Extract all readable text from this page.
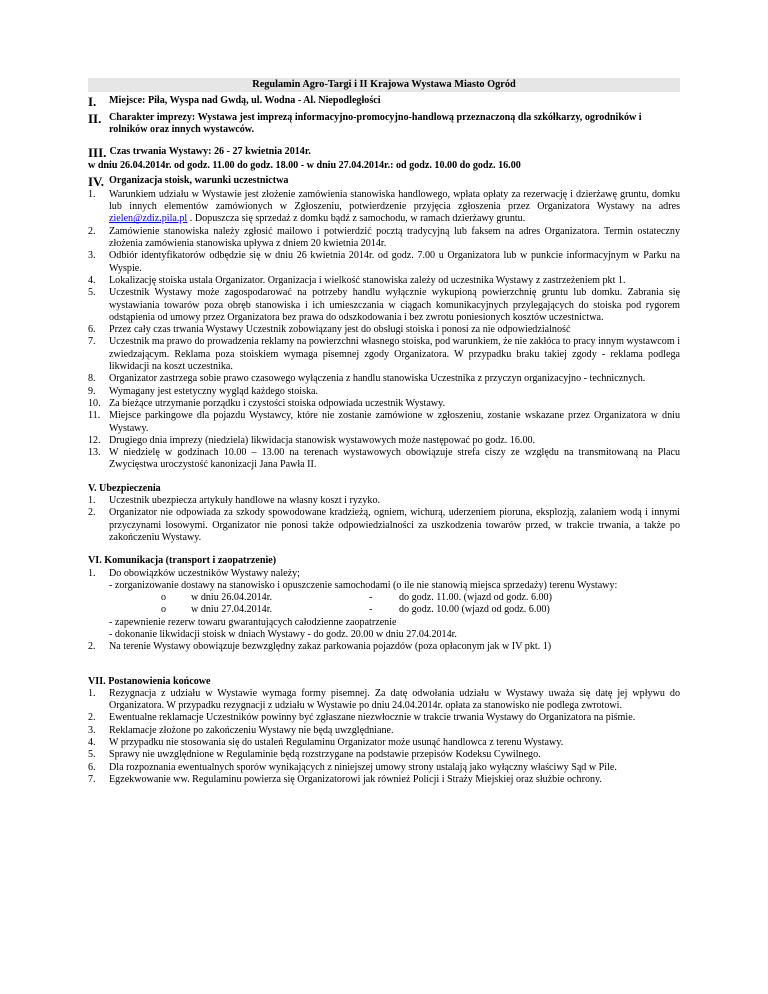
Regulamin Agro-Targi i II Krajowa Wystawa Miasto Ogród
I.	Miejsce: Piła, Wyspa nad Gwdą, ul. Wodna - Al. Niepodległości
II. Charakter imprezy: Wystawa jest imprezą informacyjno-promocyjno-handlową przeznaczoną dla szkółkarzy, ogrodników i rolników oraz innych wystawców.
III. Czas trwania Wystawy: 26 - 27 kwietnia 2014r.
w dniu 26.04.2014r. od godz. 11.00 do godz. 18.00 - w dniu 27.04.2014r.: od godz. 10.00 do godz. 16.00
IV. Organizacja stoisk, warunki uczestnictwa
1.	Warunkiem udziału w Wystawie jest złożenie zamówienia stanowiska handlowego, wpłata opłaty za rezerwację i dzierżawę gruntu, domku lub innych elementów zamówionych w Zgłoszeniu, potwierdzenie przyjęcia zgłoszenia przez Organizatora Wystawy na adres zielen@zdiz.pila.pl . Dopuszcza się sprzedaż z domku bądź z samochodu, w ramach dzierżawy gruntu.
2.	Zamówienie stanowiska należy zgłosić mailowo i potwierdzić pocztą tradycyjną lub faksem na adres Organizatora. Termin ostateczny złożenia zamówienia stanowiska upływa z dniem 20 kwietnia 2014r.
3.	Odbiór identyfikatorów odbędzie się w dniu 26 kwietnia 2014r. od godz. 7.00 u Organizatora lub w punkcie informacyjnym w Parku na Wyspie.
4.	Lokalizację stoiska ustala Organizator. Organizacja i wielkość stanowiska zależy od uczestnika Wystawy z zastrzeżeniem pkt 1.
5.	Uczestnik Wystawy może zagospodarować na potrzeby handlu wyłącznie wykupioną powierzchnię gruntu lub domku. Zabrania się wystawiania towarów poza obręb stanowiska i ich umieszczania w ciągach komunikacyjnych przylegających do stoiska pod rygorem odstąpienia od umowy przez Organizatora bez prawa do odszkodowania i bez zwrotu poniesionych kosztów uczestnictwa.
6.	Przez cały czas trwania Wystawy Uczestnik zobowiązany jest do obsługi stoiska i ponosi za nie odpowiedzialność
7.	Uczestnik ma prawo do prowadzenia reklamy na powierzchni własnego stoiska, pod warunkiem, że nie zakłóca to pracy innym wystawcom i zwiedzającym. Reklama poza stoiskiem wymaga pisemnej zgody Organizatora. W przypadku braku takiej zgody - reklama podlega likwidacji na koszt uczestnika.
8.	Organizator zastrzega sobie prawo czasowego wyłączenia z handlu stanowiska Uczestnika z przyczyn organizacyjno - technicznych.
9.	Wymagany jest estetyczny wygląd każdego stoiska.
10. Za bieżące utrzymanie porządku i czystości stoiska odpowiada uczestnik Wystawy.
11. Miejsce parkingowe dla pojazdu Wystawcy, które nie zostanie zamówione w zgłoszeniu, zostanie wskazane przez Organizatora w dniu Wystawy.
12. Drugiego dnia imprezy (niedziela) likwidacja stanowisk wystawowych może następować po godz. 16.00.
13. W niedzielę w godzinach 10.00 – 13.00 na terenach wystawowych obowiązuje strefa ciszy ze względu na transmitowaną na Placu Zwycięstwa uroczystość kanonizacji Jana Pawła II.
V. Ubezpieczenia
1.	Uczestnik ubezpiecza artykuły handlowe na własny koszt i ryzyko.
2.	Organizator nie odpowiada za szkody spowodowane kradzieżą, ogniem, wichurą, uderzeniem pioruna, eksplozją, zalaniem wodą i innymi przyczynami losowymi. Organizator nie ponosi także odpowiedzialności za uszkodzenia towarów przed, w trakcie trwania, a także po zakończeniu Wystawy.
VI. Komunikacja (transport i zaopatrzenie)
1.	Do obowiązków uczestników Wystawy należy;
- zorganizowanie dostawy na stanowisko i opuszczenie samochodami (o ile nie stanowią miejsca sprzedaży) terenu Wystawy:
o	w dniu 26.04.2014r.	-	do godz. 11.00. (wjazd od godz. 6.00)
o	w dniu 27.04.2014r.	-	do godz. 10.00 (wjazd od godz. 6.00)
- zapewnienie rezerw towaru gwarantujących całodzienne zaopatrzenie
- dokonanie likwidacji stoisk w dniach Wystawy - do godz. 20.00 w dniu 27.04.2014r.
2.	Na terenie Wystawy obowiązuje bezwzględny zakaz parkowania pojazdów (poza opłaconym jak w IV pkt. 1)
VII. Postanowienia końcowe
1.	Rezygnacja z udziału w Wystawie wymaga formy pisemnej. Za datę odwołania udziału w Wystawy uważa się datę jej wpływu do Organizatora. W przypadku rezygnacji z udziału w Wystawie po dniu 24.04.2014r. opłata za stanowisko nie podlega zwrotowi.
2.	Ewentualne reklamacje Uczestników powinny być zgłaszane niezwłocznie w trakcie trwania Wystawy do Organizatora na piśmie.
3.	Reklamacje złożone po zakończeniu Wystawy nie będą uwzględniane.
4.	W przypadku nie stosowania się do ustaleń Regulaminu Organizator może usunąć handlowca z terenu Wystawy.
5.	Sprawy nie uwzględnione w Regulaminie będą rozstrzygane na podstawie przepisów Kodeksu Cywilnego.
6.	Dla rozpoznania ewentualnych sporów wynikających z niniejszej umowy strony ustalają jako wyłączny właściwy Sąd w Pile.
7.	Egzekwowanie ww. Regulaminu powierza się Organizatorowi jak również Policji i Straży Miejskiej oraz służbie ochrony.
